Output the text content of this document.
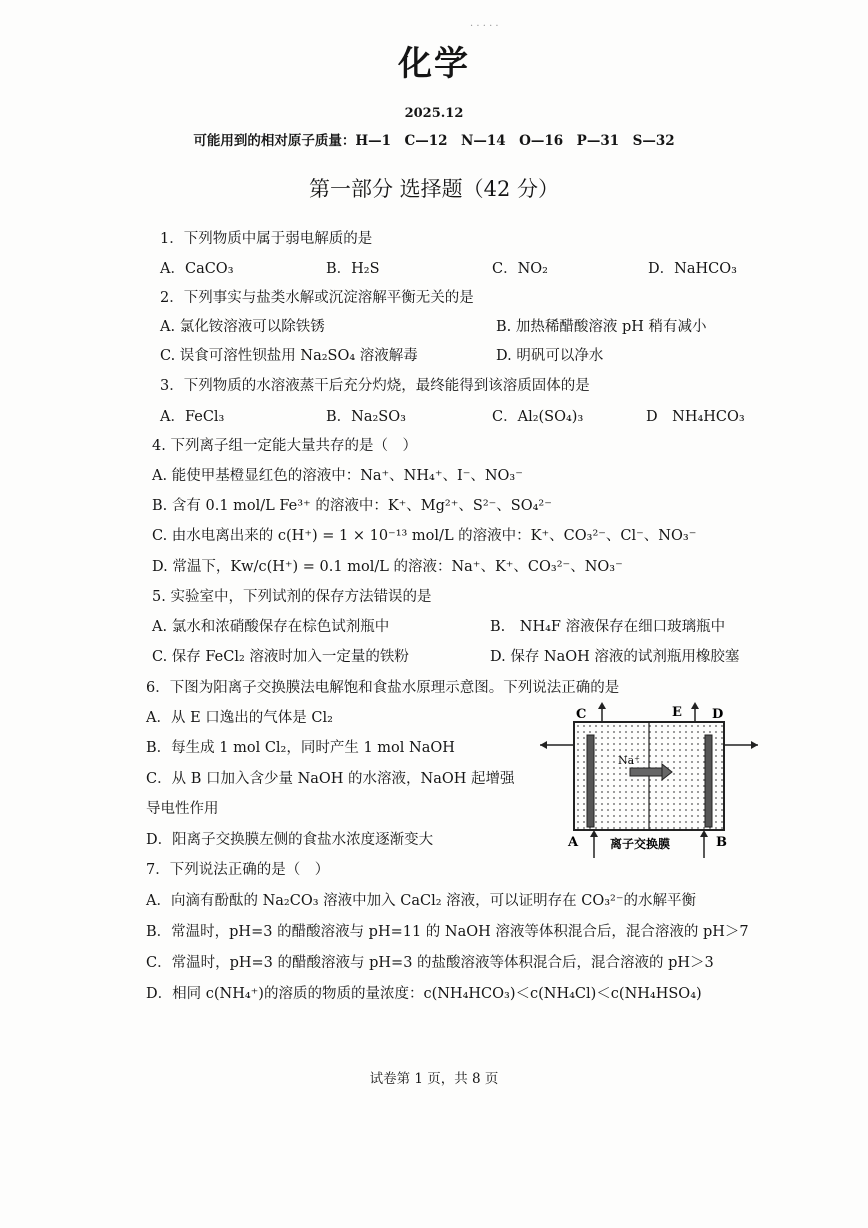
· · · · ·
化学
2025.12
可能用到的相对原子质量：H—1　C—12　N—14　O—16　P—31　S—32
第一部分 选择题（42 分）
1．下列物质中属于弱电解质的是
A．CaCO₃	B．H₂S	C．NO₂	D．NaHCO₃
2．下列事实与盐类水解或沉淀溶解平衡无关的是
A. 氯化铵溶液可以除铁锈	B. 加热稀醋酸溶液 pH 稍有减小
C. 误食可溶性钡盐用 Na₂SO₄ 溶液解毒	D. 明矾可以净水
3．下列物质的水溶液蒸干后充分灼烧，最终能得到该溶质固体的是
A．FeCl₃	B．Na₂SO₃	C．Al₂(SO₄)₃	D　NH₄HCO₃
4. 下列离子组一定能大量共存的是（　）
A. 能使甲基橙显红色的溶液中：Na⁺、NH₄⁺、I⁻、NO₃⁻
B. 含有 0.1 mol/L Fe³⁺ 的溶液中：K⁺、Mg²⁺、S²⁻、SO₄²⁻
C. 由水电离出来的 c(H⁺) = 1 × 10⁻¹³ mol/L 的溶液中：K⁺、CO₃²⁻、Cl⁻、NO₃⁻
D. 常温下，Kw/c(H⁺) = 0.1 mol/L 的溶液：Na⁺、K⁺、CO₃²⁻、NO₃⁻
5. 实验室中，下列试剂的保存方法错误的是
A. 氯水和浓硝酸保存在棕色试剂瓶中	B.　NH₄F 溶液保存在细口玻璃瓶中
C. 保存 FeCl₂ 溶液时加入一定量的铁粉	D. 保存 NaOH 溶液的试剂瓶用橡胶塞
6．下图为阳离子交换膜法电解饱和食盐水原理示意图。下列说法正确的是
A．从 E 口逸出的气体是 Cl₂
B．每生成 1 mol Cl₂，同时产生 1 mol NaOH
C．从 B 口加入含少量 NaOH 的水溶液，NaOH 起增强
导电性作用
D．阳离子交换膜左侧的食盐水浓度逐渐变大
Na⁺
C	E D
A	B
离子交换膜
7．下列说法正确的是（　）
A．向滴有酚酞的 Na₂CO₃ 溶液中加入 CaCl₂ 溶液，可以证明存在 CO₃²⁻的水解平衡
B．常温时，pH=3 的醋酸溶液与 pH=11 的 NaOH 溶液等体积混合后，混合溶液的 pH＞7
C．常温时，pH=3 的醋酸溶液与 pH=3 的盐酸溶液等体积混合后，混合溶液的 pH＞3
D．相同 c(NH₄⁺)的溶质的物质的量浓度：c(NH₄HCO₃)＜c(NH₄Cl)＜c(NH₄HSO₄)
试卷第 1 页，共 8 页
